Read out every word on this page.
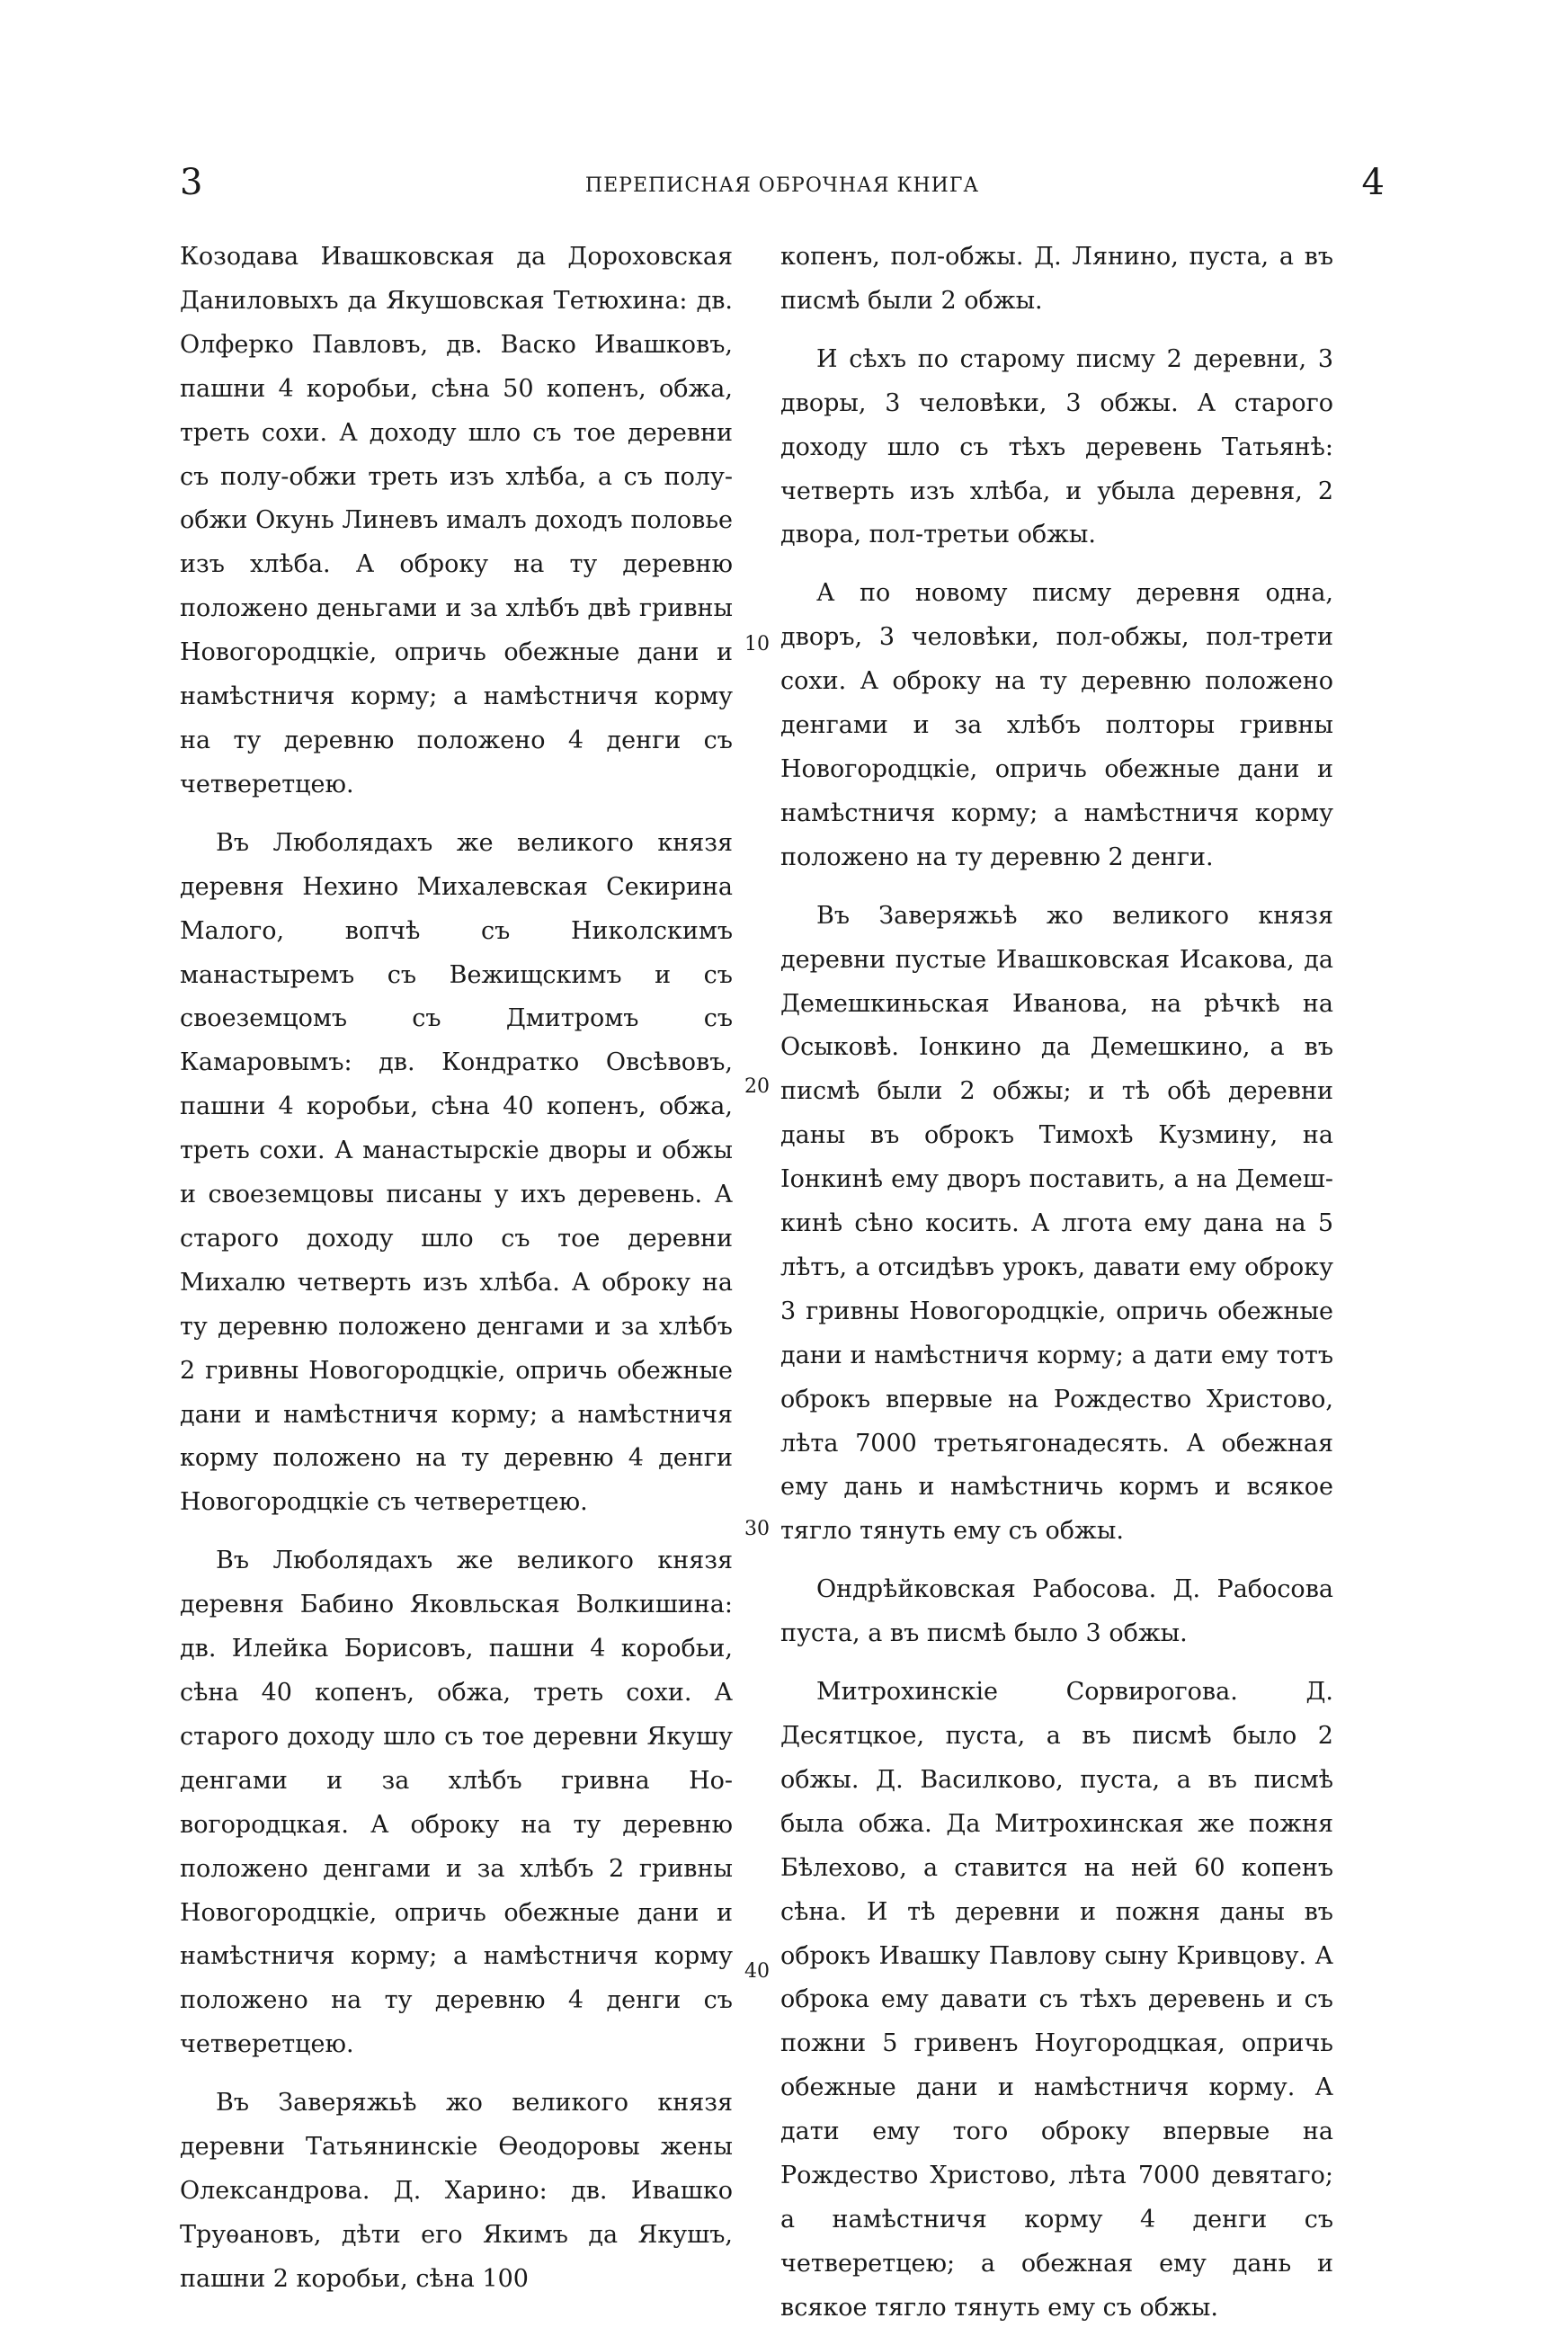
3	ПЕРЕПИСНАЯ ОБРОЧНАЯ КНИГА	4

Козодава Ивашковская да Дороховская Даниловыхъ да Якушовская Тетюхина: дв. Олферко Павловъ, дв. Васко Ивашковъ, пашни 4 коробьи, сѣна 50 копенъ, обжа, треть сохи. А доходу шло съ тое деревни съ полу-обжи треть изъ хлѣба, а съ полу-обжи Окунь Линевъ ималъ доходъ половье изъ хлѣба. А оброку на ту деревню положено деньгами и за хлѣбъ двѣ гривны Новогородцкіе, опричь обежные дани и намѣстничя корму; а намѣстничя корму на ту деревню положено 4 денги съ четверетцею.

Въ Люболядахъ же великого князя деревня Нехино Михалевская Секирина Малого, вопчѣ съ Николскимъ манастыремъ съ Вежищскимъ и съ своеземцомъ съ Дмитромъ съ Камаровымъ: дв. Кондратко Овсѣвовъ, пашни 4 коробьи, сѣна 40 копенъ, обжа, треть сохи. А манастырскіе дворы и обжы и своеземцовы писаны у ихъ деревень. А старого доходу шло съ тое деревни Михалю четверть изъ хлѣба. А оброку на ту деревню положено денгами и за хлѣбъ 2 гривны Новогородцкіе, опричь обежные дани и намѣстничя корму; а намѣстничя корму положено на ту деревню 4 денги Новогородцкіе съ четверетцею.

Въ Люболядахъ же великого князя деревня Бабино Яковльская Волкишина: дв. Илейка Борисовъ, пашни 4 коробьи, сѣна 40 копенъ, обжа, треть сохи. А старого доходу шло съ тое деревни Якушу денгами и за хлѣбъ гривна Новогородцкая. А оброку на ту деревню положено денгами и за хлѣбъ 2 гривны Новогородцкіе, опричь обежные дани и намѣстничя корму; а намѣстничя корму положено на ту деревню 4 денги съ четверетцею.

Въ Заверяжьѣ жо великого князя деревни Татьянинскіе Ѳеодоровы жены Олександрова. Д. Харино: дв. Ивашко Труѳановъ, дѣти его Якимъ да Якушъ, пашни 2 коробьи, сѣна 100

10
20
30
40

копенъ, пол-обжы. Д. Лянино, пуста, а въ писмѣ были 2 обжы.

И сѣхъ по старому писму 2 деревни, 3 дворы, 3 человѣки, 3 обжы. А старого доходу шло съ тѣхъ деревень Татьянѣ: четверть изъ хлѣба, и убыла деревня, 2 двора, пол-третьи обжы.

А по новому писму деревня одна, дворъ, 3 человѣки, пол-обжы, пол-трети сохи. А оброку на ту деревню положено денгами и за хлѣбъ полторы гривны Новогородцкіе, опричь обежные дани и намѣстничя корму; а намѣстничя корму положено на ту деревню 2 денги.

Въ Заверяжьѣ жо великого князя деревни пустые Ивашковская Исакова, да Демешкиньская Иванова, на рѣчкѣ на Осыковѣ. Іонкино да Демешкино, а въ писмѣ были 2 обжы; и тѣ обѣ деревни даны въ оброкъ Тимохѣ Кузмину, на Іонкинѣ ему дворъ поставить, а на Демешкинѣ сѣно косить. А лгота ему дана на 5 лѣтъ, а отсидѣвъ урокъ, давати ему оброку 3 гривны Новогородцкіе, опричь обежные дани и намѣстничя корму; а дати ему тотъ оброкъ впервые на Рождество Христово, лѣта 7000 третьягонадесять. А обежная ему дань и намѣстничь кормъ и всякое тягло тянуть ему съ обжы.

Ондрѣйковская Рабосова. Д. Рабосова пуста, а въ писмѣ было 3 обжы.

Митрохинскіе Сорвирогова. Д. Десятцкое, пуста, а въ писмѣ было 2 обжы. Д. Василково, пуста, а въ писмѣ была обжа. Да Митрохинская же пожня Бѣлехово, а ставится на ней 60 копенъ сѣна. И тѣ деревни и пожня даны въ оброкъ Ивашку Павлову сыну Кривцову. А оброка ему давати съ тѣхъ деревень и съ пожни 5 гривенъ Ноугородцкая, опричь обежные дани и намѣстничя корму. А дати ему того оброку впервые на Рождество Христово, лѣта 7000 девятаго; а намѣстничя корму 4 денги съ четверетцею; а обежная ему дань и всякое тягло тянуть ему съ обжы.
